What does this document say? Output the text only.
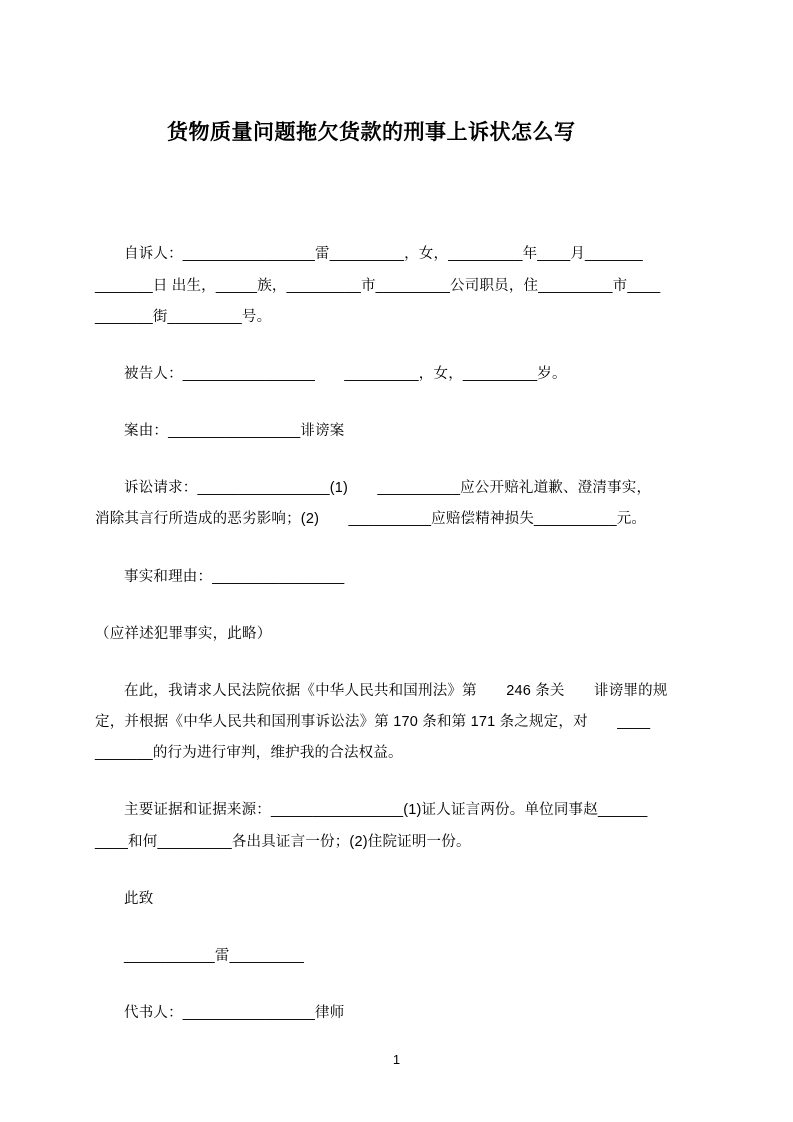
货物质量问题拖欠货款的刑事上诉状怎么写

自诉人：________________雷_________，女，_________年____月_______

_______日 出生，_____族，_________市_________公司职员，住_________市____

_______街_________号。

被告人：________________　　_________，女，_________岁。

案由：________________诽谤案

诉讼请求：________________(1)　　__________应公开赔礼道歉、澄清事实，

消除其言行所造成的恶劣影响；(2)　　__________应赔偿精神损失__________元。

事实和理由：________________

（应祥述犯罪事实，此略）

在此，我请求人民法院依据《中华人民共和国刑法》第　　246 条关　　诽谤罪的规

定，并根据《中华人民共和国刑事诉讼法》第 170 条和第 171 条之规定，对　　____

_______的行为进行审判，维护我的合法权益。

主要证据和证据来源：________________(1)证人证言两份。单位同事赵______

____和何_________各出具证言一份；(2)住院证明一份。

此致

___________雷_________

代书人：________________律师

1
